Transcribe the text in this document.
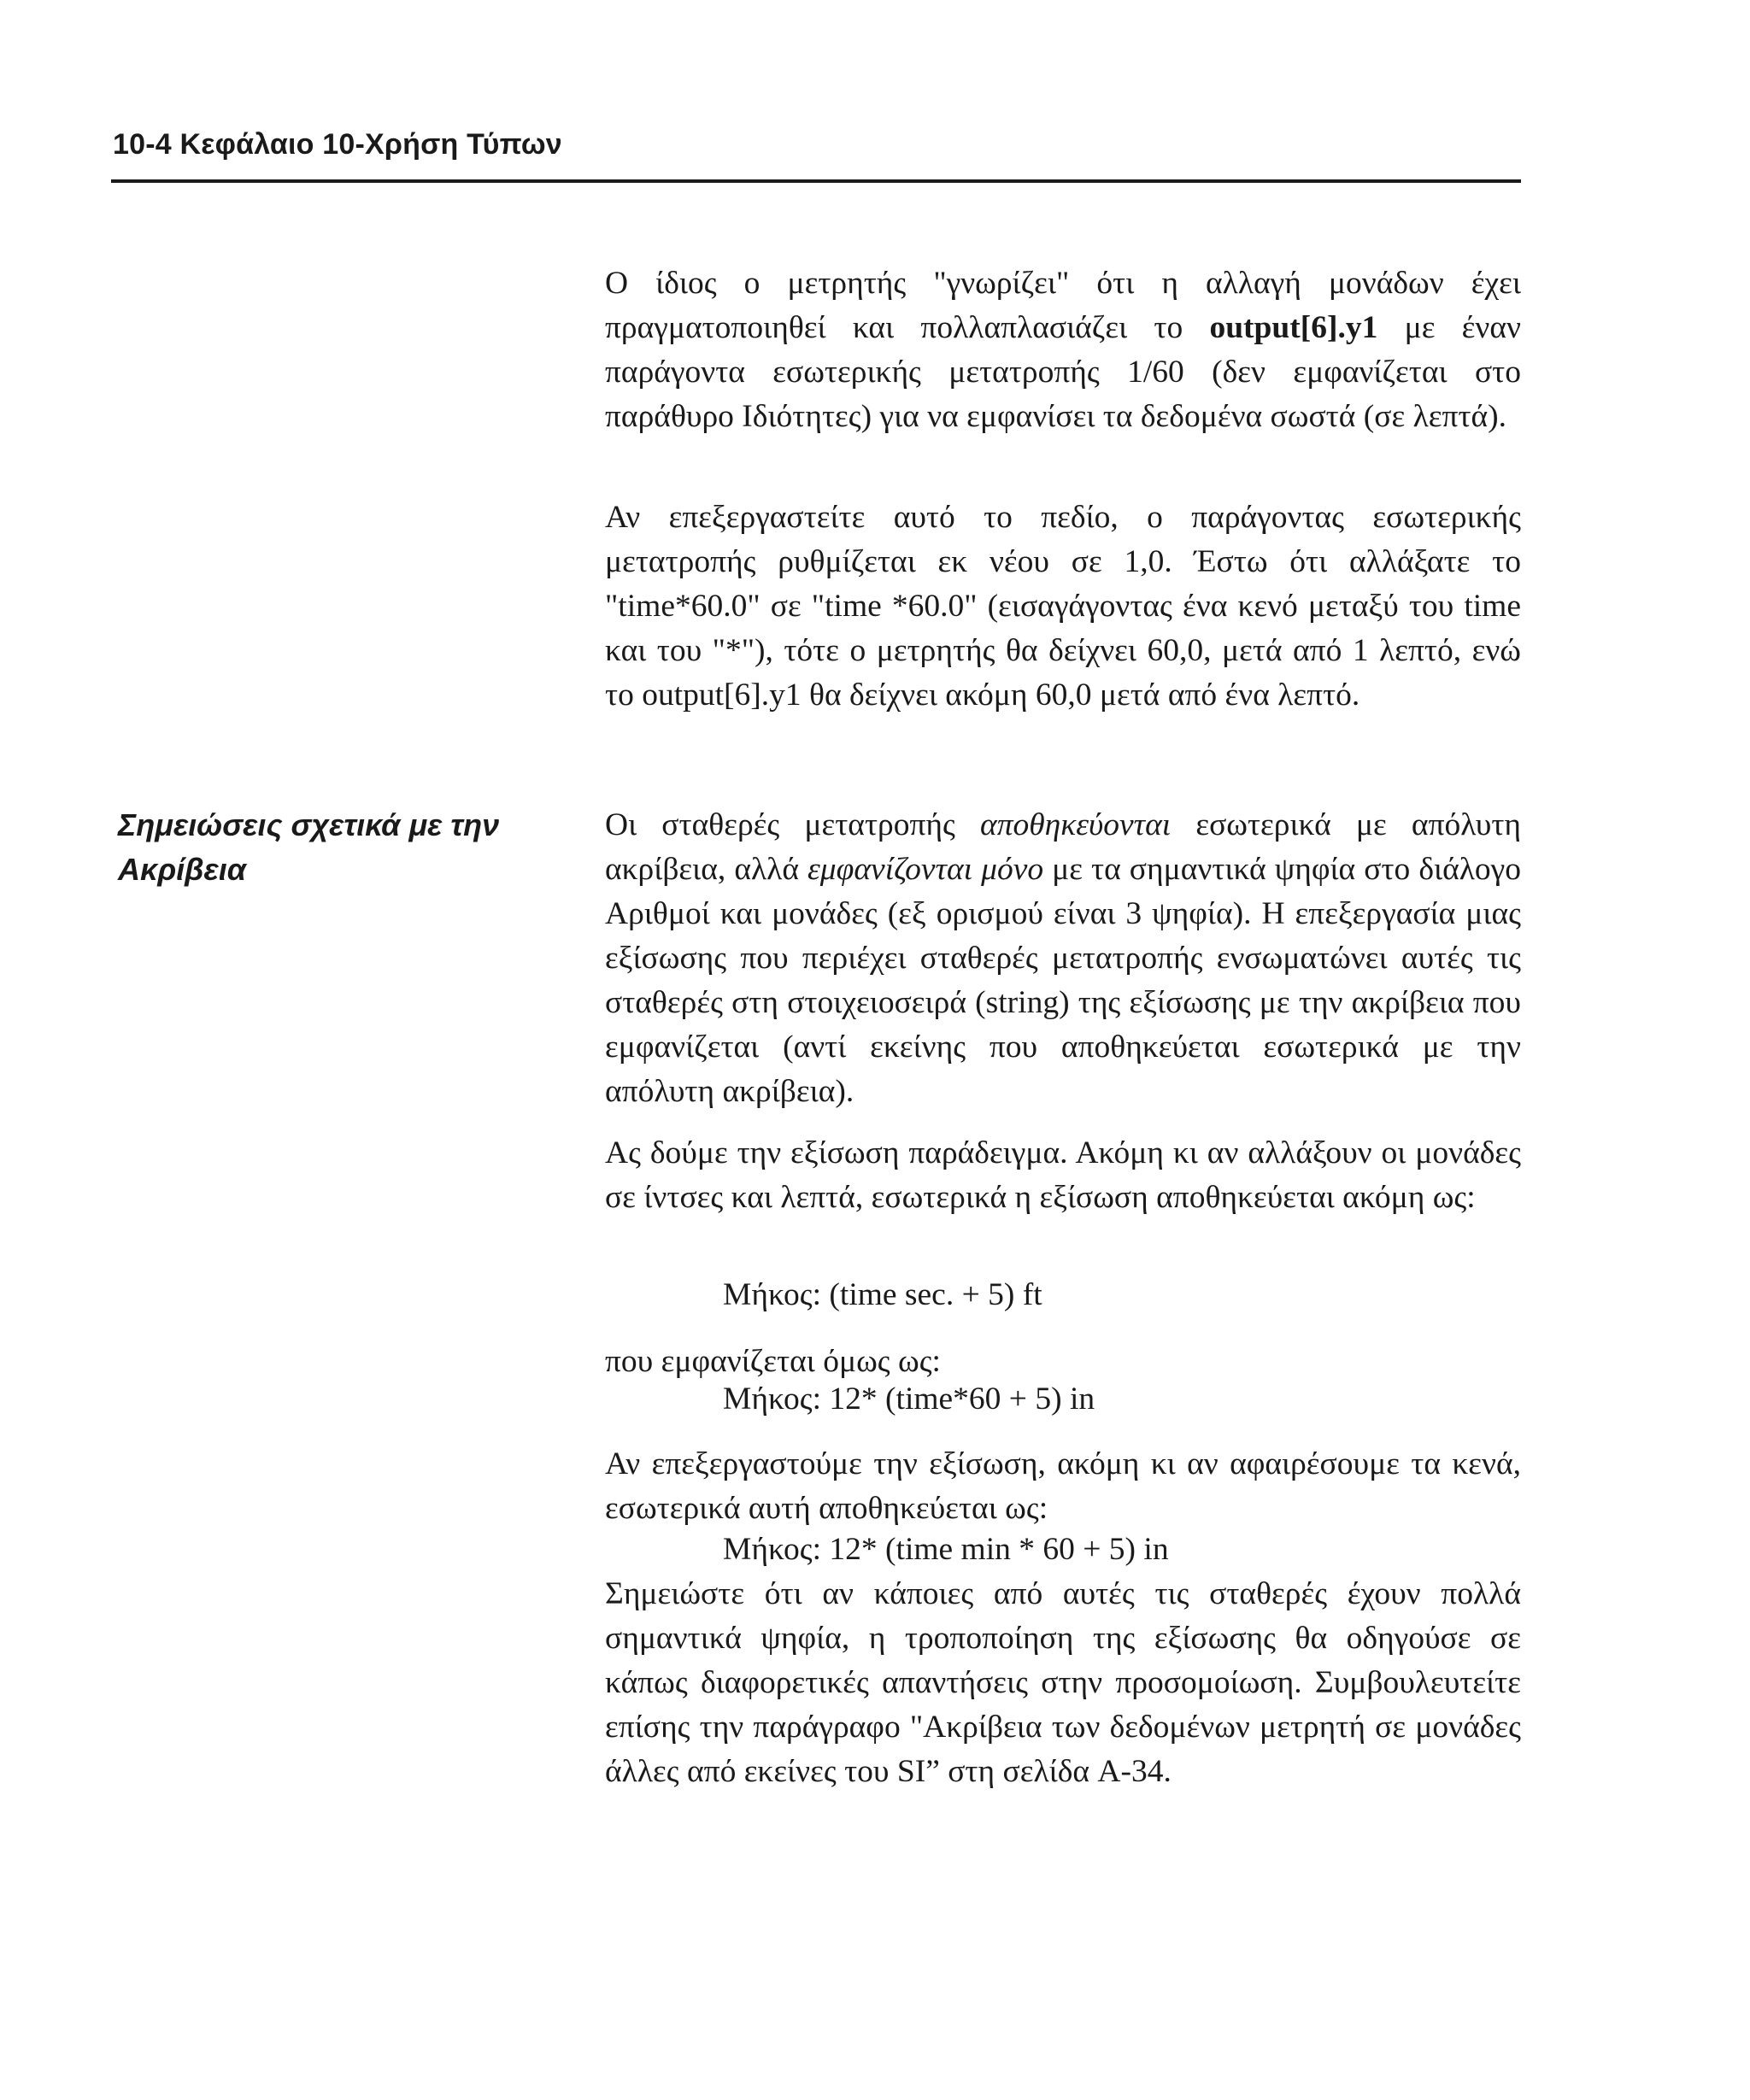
10-4 Κεφάλαιο 10-Χρήση Τύπων
Σημειώσεις σχετικά με την
Ακρίβεια

Ο ίδιος ο μετρητής "γνωρίζει" ότι η αλλαγή μονάδων έχει πραγματοποιηθεί και πολλαπλασιάζει το output[6].y1 με έναν παράγοντα εσωτερικής μετατροπής 1/60 (δεν εμφανίζεται στο παράθυρο Ιδιότητες) για να εμφανίσει τα δεδομένα σωστά (σε λεπτά).

Αν επεξεργαστείτε αυτό το πεδίο, ο παράγοντας εσωτερικής μετατροπής ρυθμίζεται εκ νέου σε 1,0. Έστω ότι αλλάξατε το "time*60.0" σε "time *60.0" (εισαγάγοντας ένα κενό μεταξύ του time και του "*"), τότε ο μετρητής θα δείχνει 60,0, μετά από 1 λεπτό, ενώ το output[6].y1 θα δείχνει ακόμη 60,0 μετά από ένα λεπτό.

Οι σταθερές μετατροπής αποθηκεύονται εσωτερικά με απόλυτη ακρίβεια, αλλά εμφανίζονται μόνο με τα σημαντικά ψηφία στο διάλογο Αριθμοί και μονάδες (εξ ορισμού είναι 3 ψηφία). Η επεξεργασία μιας εξίσωσης που περιέχει σταθερές μετατροπής ενσωματώνει αυτές τις σταθερές στη στοιχειοσειρά (string) της εξίσωσης με την ακρίβεια που εμφανίζεται (αντί εκείνης που αποθηκεύεται εσωτερικά με την απόλυτη ακρίβεια).

Ας δούμε την εξίσωση παράδειγμα. Ακόμη κι αν αλλάξουν οι μονάδες σε ίντσες και λεπτά, εσωτερικά η εξίσωση αποθηκεύεται ακόμη ως:

Μήκος: (time sec. + 5) ft

που εμφανίζεται όμως ως:

Μήκος: 12* (time*60 + 5) in

Αν επεξεργαστούμε την εξίσωση, ακόμη κι αν αφαιρέσουμε τα κενά, εσωτερικά αυτή αποθηκεύεται ως:

Μήκος: 12* (time min * 60 + 5) in

Σημειώστε ότι αν κάποιες από αυτές τις σταθερές έχουν πολλά σημαντικά ψηφία, η τροποποίηση της εξίσωσης θα οδηγούσε σε κάπως διαφορετικές απαντήσεις στην προσομοίωση. Συμβουλευτείτε επίσης την παράγραφο "Ακρίβεια των δεδομένων μετρητή σε μονάδες άλλες από εκείνες του SI” στη σελίδα A-34.
